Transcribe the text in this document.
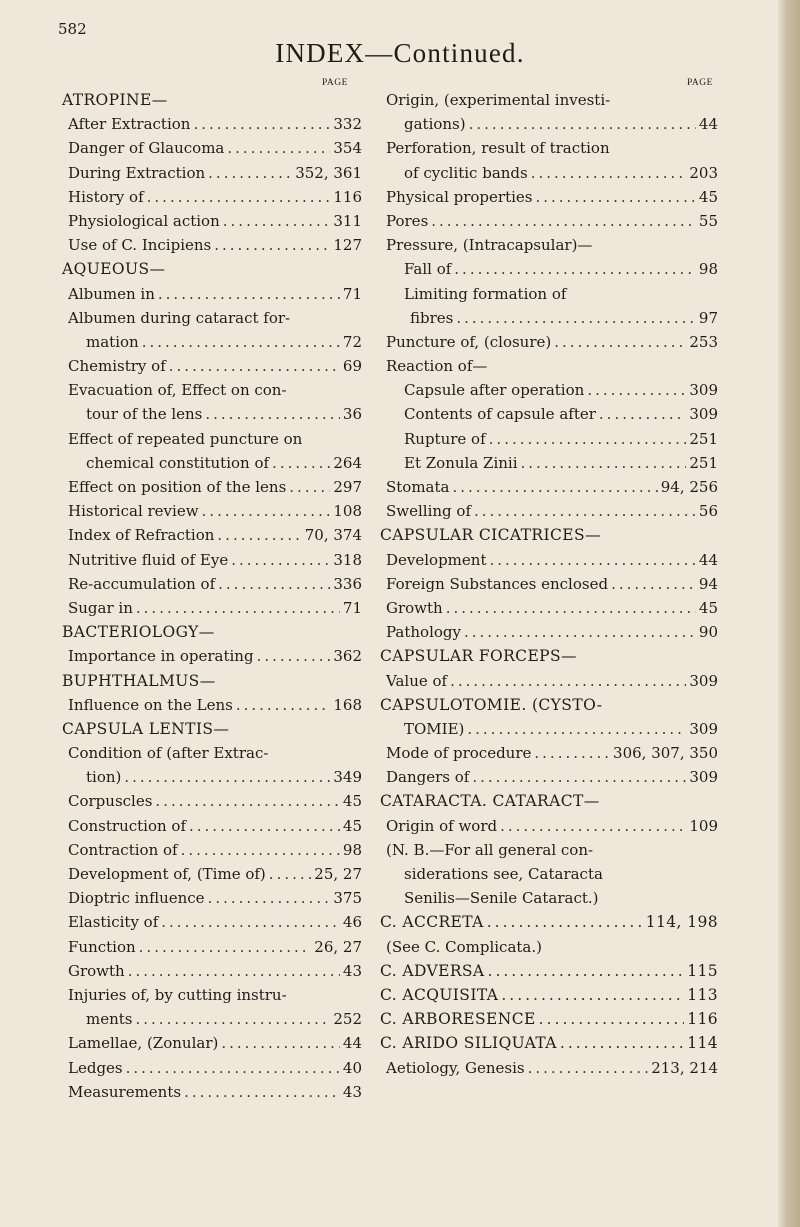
582
INDEX—Continued.
PAGE	PAGE
ATROPINE—
After Extraction .....	332
Danger of Glaucoma .....	354
During Extraction .....	352, 361
History of .....	116
Physiological action .....	311
Use of C. Incipiens .....	127
AQUEOUS—
Albumen in .....	71
Albumen during cataract for-
mation .....	72
Chemistry of .....	69
Evacuation of, Effect on con-
tour of the lens .....	36
Effect of repeated puncture on
chemical constitution of .....	264
Effect on position of the lens .....	297
Historical review .....	108
Index of Refraction .....	70, 374
Nutritive fluid of Eye .....	318
Re-accumulation of .....	336
Sugar in .....	71
BACTERIOLOGY—
Importance in operating .....	362
BUPHTHALMUS—
Influence on the Lens .....	168
CAPSULA LENTIS—
Condition of (after Extrac-
tion) .....	349
Corpuscles .....	45
Construction of .....	45
Contraction of .....	98
Development of, (Time of) .....	25, 27
Dioptric influence .....	375
Elasticity of .....	46
Function .....	26, 27
Growth .....	43
Injuries of, by cutting instru-
ments .....	252
Lamellae, (Zonular) .....	44
Ledges .....	40
Measurements .....	43
Origin, (experimental investi-
gations) .....	44
Perforation, result of traction
of cyclitic bands .....	203
Physical properties .....	45
Pores .....	55
Pressure, (Intracapsular)—
Fall of .....	98
Limiting formation of
fibres .....	97
Puncture of, (closure) .....	253
Reaction of—
Capsule after operation .....	309
Contents of capsule after .....	309
Rupture of .....	251
Et Zonula Zinii .....	251
Stomata .....	94, 256
Swelling of .....	56
CAPSULAR CICATRICES—
Development .....	44
Foreign Substances enclosed .....	94
Growth .....	45
Pathology .....	90
CAPSULAR FORCEPS—
Value of .....	309
CAPSULOTOMIE. (CYSTO-
TOMIE) .....	309
Mode of procedure .....	306, 307, 350
Dangers of .....	309
CATARACTA. CATARACT—
Origin of word .....	109
(N. B.—For all general con-
siderations see, Cataracta
Senilis—Senile Cataract.)
C. ACCRETA .....	114, 198
(See C. Complicata.)
C. ADVERSA .....	115
C. ACQUISITA .....	113
C. ARBORESENCE .....	116
C. ARIDO SILIQUATA .....	114
Aetiology, Genesis .....	213, 214
